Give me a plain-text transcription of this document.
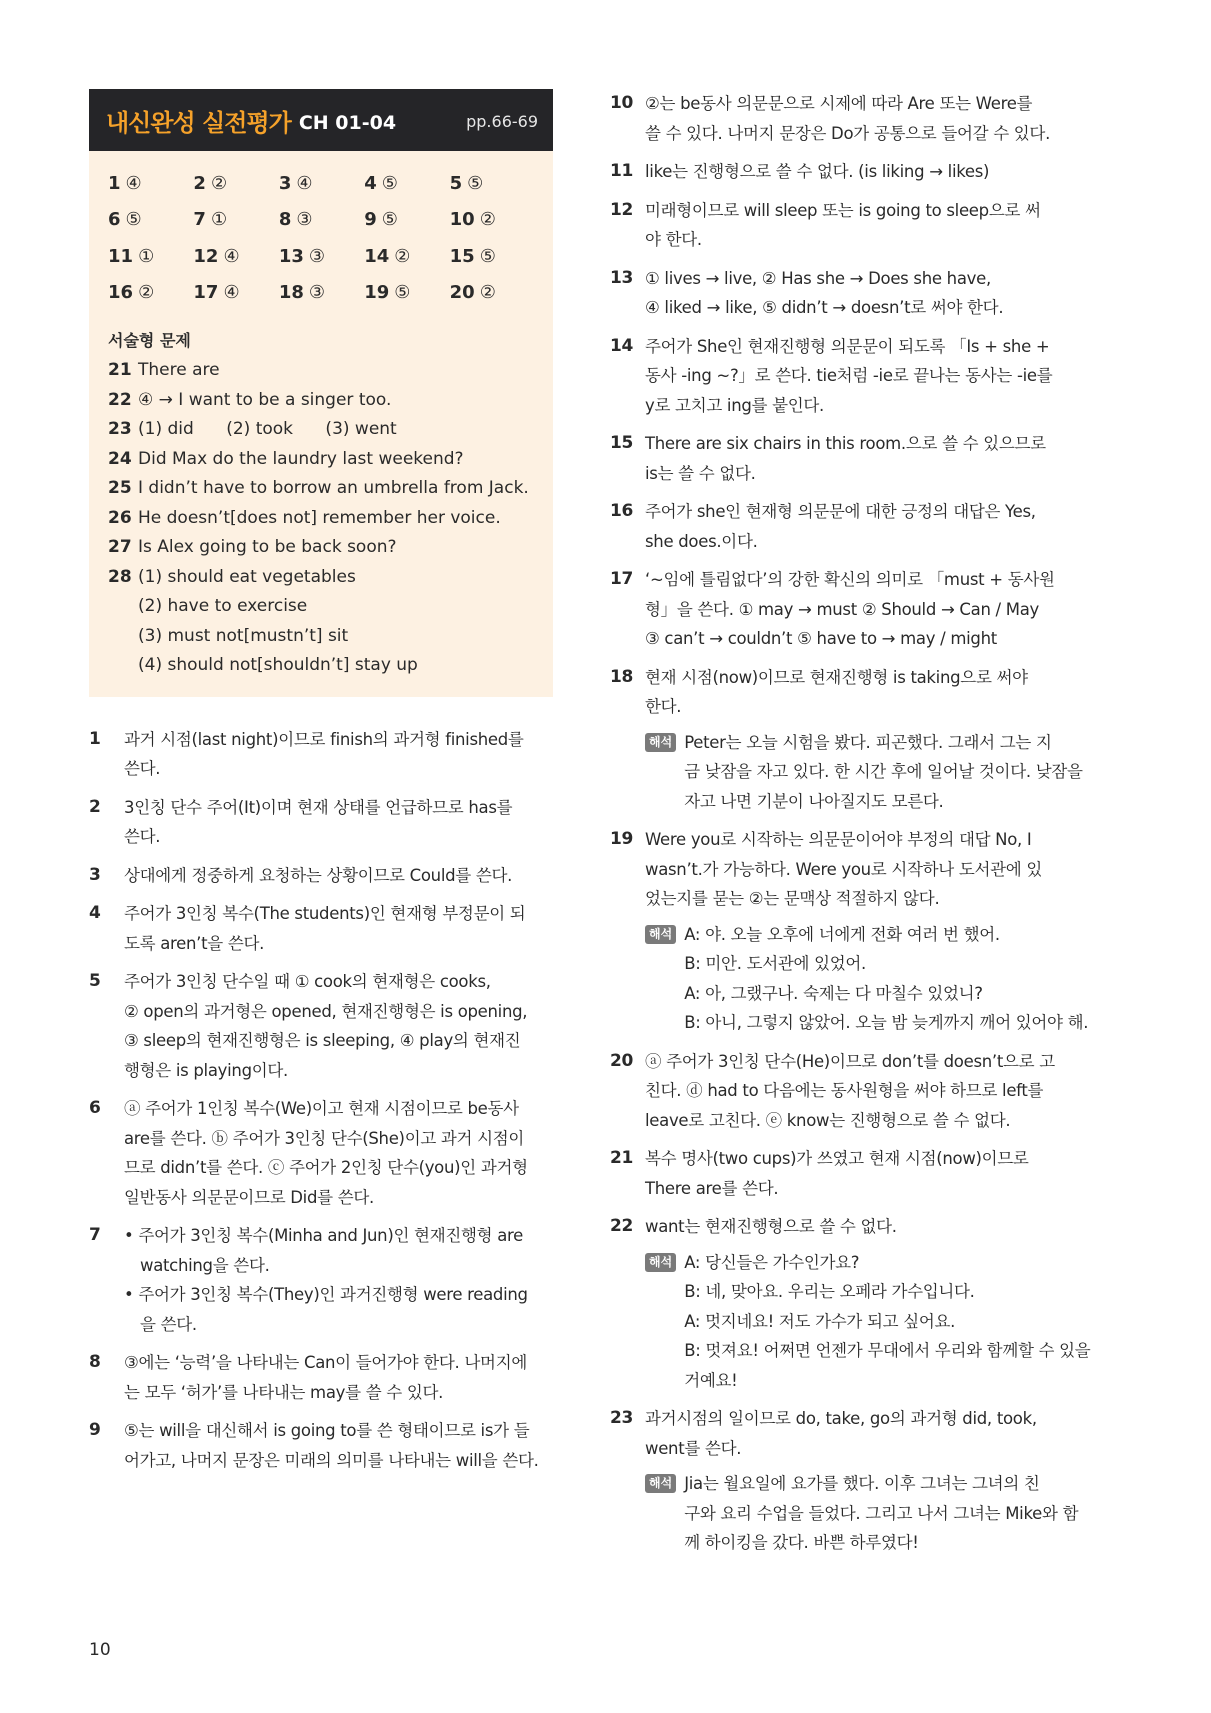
내신완성 실전평가 CH 01-04	pp.66-69
1 ④	2 ②	3 ④	4 ⑤	5 ⑤
6 ⑤	7 ①	8 ③	9 ⑤	10 ②
11 ①	12 ④	13 ③	14 ②	15 ⑤
16 ②	17 ④	18 ③	19 ⑤	20 ②
서술형 문제
21 There are
22 ④ → I want to be a singer too.
23 (1) did      (2) took      (3) went
24 Did Max do the laundry last weekend?
25 I didn’t have to borrow an umbrella from Jack.
26 He doesn’t[does not] remember her voice.
27 Is Alex going to be back soon?
28 (1) should eat vegetables
(2) have to exercise
(3) must not[mustn’t] sit
(4) should not[shouldn’t] stay up
1	과거 시점(last night)이므로 finish의 과거형 finished를
쓴다.
2	3인칭 단수 주어(It)이며 현재 상태를 언급하므로 has를
쓴다.
3	상대에게 정중하게 요청하는 상황이므로 Could를 쓴다.
4	주어가 3인칭 복수(The students)인 현재형 부정문이 되
도록 aren’t을 쓴다.
5	주어가 3인칭 단수일 때 ① cook의 현재형은 cooks,
② open의 과거형은 opened, 현재진행형은 is opening,
③ sleep의 현재진행형은 is sleeping, ④ play의 현재진
행형은 is playing이다.
6	ⓐ 주어가 1인칭 복수(We)이고 현재 시점이므로 be동사
are를 쓴다. ⓑ 주어가 3인칭 단수(She)이고 과거 시점이
므로 didn’t를 쓴다. ⓒ 주어가 2인칭 단수(you)인 과거형
일반동사 의문문이므로 Did를 쓴다.
7	• 주어가 3인칭 복수(Minha and Jun)인 현재진행형 are
watching을 쓴다.
• 주어가 3인칭 복수(They)인 과거진행형 were reading
을 쓴다.
8	③에는 ‘능력’을 나타내는 Can이 들어가야 한다. 나머지에
는 모두 ‘허가’를 나타내는 may를 쓸 수 있다.
9	⑤는 will을 대신해서 is going to를 쓴 형태이므로 is가 들
어가고, 나머지 문장은 미래의 의미를 나타내는 will을 쓴다.
10 ②는 be동사 의문문으로 시제에 따라 Are 또는 Were를
쓸 수 있다. 나머지 문장은 Do가 공통으로 들어갈 수 있다.
11 like는 진행형으로 쓸 수 없다. (is liking → likes)
12 미래형이므로 will sleep 또는 is going to sleep으로 써
야 한다.
13 ① lives → live, ② Has she → Does she have,
④ liked → like, ⑤ didn’t → doesn’t로 써야 한다.
14 주어가 She인 현재진행형 의문문이 되도록 「Is + she +
동사 -ing ~?」로 쓴다. tie처럼 -ie로 끝나는 동사는 -ie를
y로 고치고 ing를 붙인다.
15 There are six chairs in this room.으로 쓸 수 있으므로
is는 쓸 수 없다.
16 주어가 she인 현재형 의문문에 대한 긍정의 대답은 Yes,
she does.이다.
17 ‘~임에 틀림없다’의 강한 확신의 의미로 「must + 동사원
형」을 쓴다. ① may → must ② Should → Can / May
③ can’t → couldn’t ⑤ have to → may / might
18 현재 시점(now)이므로 현재진행형 is taking으로 써야
한다.
해석 Peter는 오늘 시험을 봤다. 피곤했다. 그래서 그는 지
금 낮잠을 자고 있다. 한 시간 후에 일어날 것이다. 낮잠을
자고 나면 기분이 나아질지도 모른다.
19 Were you로 시작하는 의문문이어야 부정의 대답 No, I
wasn’t.가 가능하다. Were you로 시작하나 도서관에 있
었는지를 묻는 ②는 문맥상 적절하지 않다.
해석 A: 야. 오늘 오후에 너에게 전화 여러 번 했어.
B: 미안. 도서관에 있었어.
A: 아, 그랬구나. 숙제는 다 마칠수 있었니?
B: 아니, 그렇지 않았어. 오늘 밤 늦게까지 깨어 있어야 해.
20 ⓐ 주어가 3인칭 단수(He)이므로 don’t를 doesn’t으로 고
친다. ⓓ had to 다음에는 동사원형을 써야 하므로 left를
leave로 고친다. ⓔ know는 진행형으로 쓸 수 없다.
21 복수 명사(two cups)가 쓰였고 현재 시점(now)이므로
There are를 쓴다.
22 want는 현재진행형으로 쓸 수 없다.
해석 A: 당신들은 가수인가요?
B: 네, 맞아요. 우리는 오페라 가수입니다.
A: 멋지네요! 저도 가수가 되고 싶어요.
B: 멋져요! 어쩌면 언젠가 무대에서 우리와 함께할 수 있을
거예요!
23 과거시점의 일이므로 do, take, go의 과거형 did, took,
went를 쓴다.
해석 Jia는 월요일에 요가를 했다. 이후 그녀는 그녀의 친
구와 요리 수업을 들었다. 그리고 나서 그녀는 Mike와 함
께 하이킹을 갔다. 바쁜 하루였다!
10
